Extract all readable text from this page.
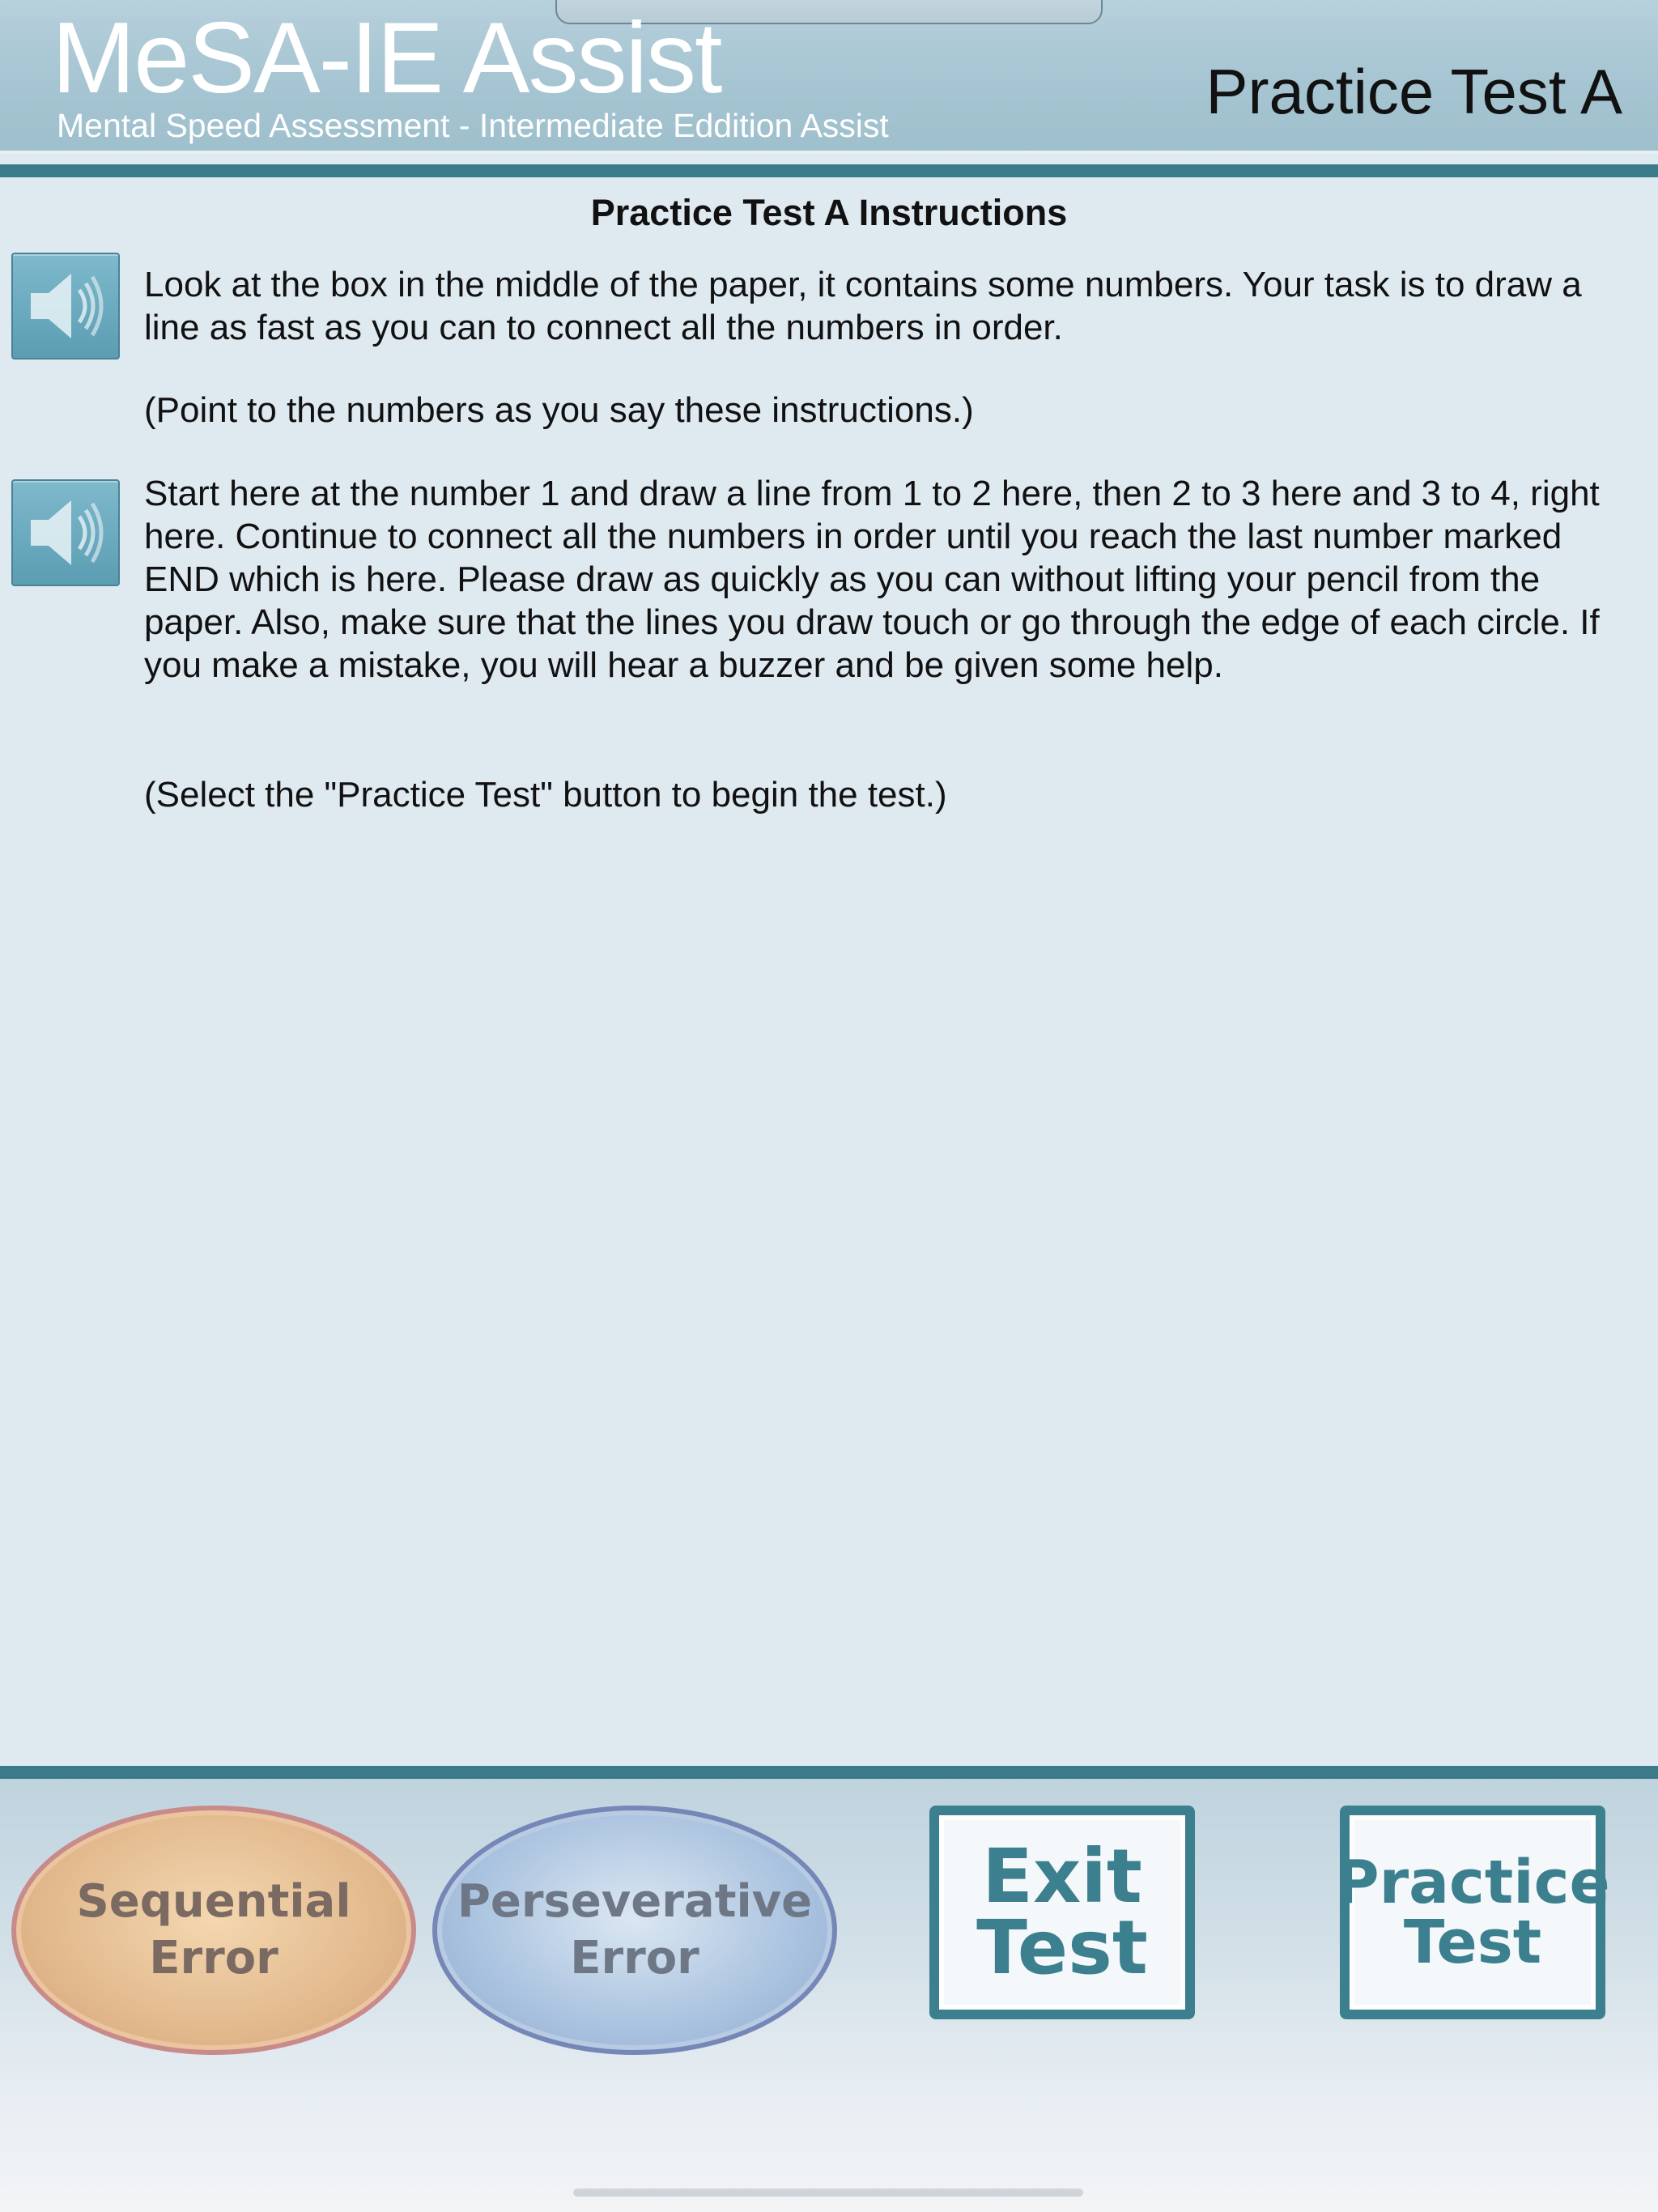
MeSA-IE Assist
Mental Speed Assessment - Intermediate Eddition Assist	Practice Test A
Practice Test A Instructions

Look at the box in the middle of the paper, it contains some numbers. Your task is to draw a line as fast as you can to connect all the numbers in order.

(Point to the numbers as you say these instructions.)

Start here at the number 1 and draw a line from 1 to 2 here, then 2 to 3 here and 3 to 4, right here. Continue to connect all the numbers in order until you reach the last number marked END which is here. Please draw as quickly as you can without lifting your pencil from the paper. Also, make sure that the lines you draw touch or go through the edge of each circle. If you make a mistake, you will hear a buzzer and be given some help.

(Select the "Practice Test" button to begin the test.)

Sequential
Error
Perseverative
Error
Exit
Test
Practice
Test
